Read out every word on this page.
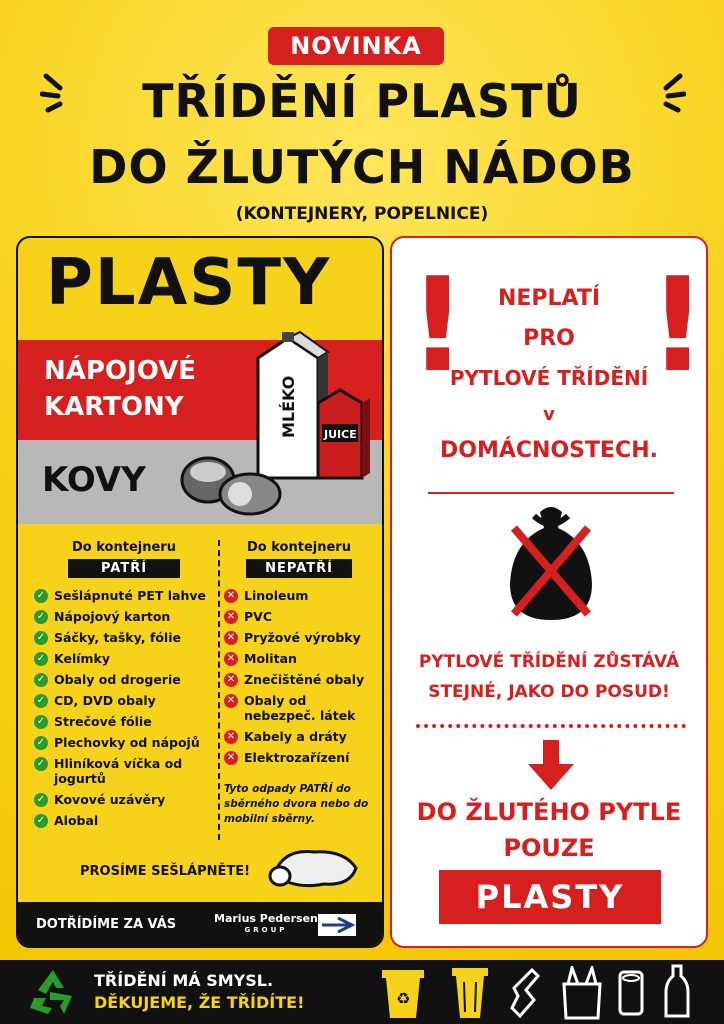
NOVINKA
TŘÍDĚNÍ PLASTŮ
DO ŽLUTÝCH NÁDOB
(KONTEJNERY, POPELNICE)
PLASTY
NÁPOJOVÉ
KARTONY
KOVY
MLÉKO JUICE
Do kontejneru
PATŘÍ
✓ Sešlápnuté PET lahve
✓ Nápojový karton
✓ Sáčky, tašky, fólie
✓ Kelímky
✓ Obaly od drogerie
✓ CD, DVD obaly
✓ Strečové fólie
✓ Plechovky od nápojů
✓ Hliníková víčka od jogurtů
✓ Kovové uzávěry
✓ Alobal
Do kontejneru
NEPATŘÍ
✕ Linoleum
✕ PVC
✕ Pryžové výrobky
✕ Molitan
✕ Znečištěné obaly
✕ Obaly od nebezpeč. látek
✕ Kabely a dráty
✕ Elektrozařízení
Tyto odpady PATŘÍ do sběrného dvora nebo do mobilní sběrny.
PROSÍME SEŠLÁPNĚTE!
DOTŘÍDÍME ZA VÁS	Marius Pedersen
GROUP
! !
NEPLATÍ
PRO
PYTLOVÉ TŘÍDĚNÍ
v
DOMÁCNOSTECH.
PYTLOVÉ TŘÍDĚNÍ ZŮSTÁVÁ
STEJNÉ, JAKO DO POSUD!
DO ŽLUTÉHO PYTLE
POUZE
PLASTY
TŘÍDĚNÍ MÁ SMYSL.
DĚKUJEME, ŽE TŘÍDÍTE!	♻
